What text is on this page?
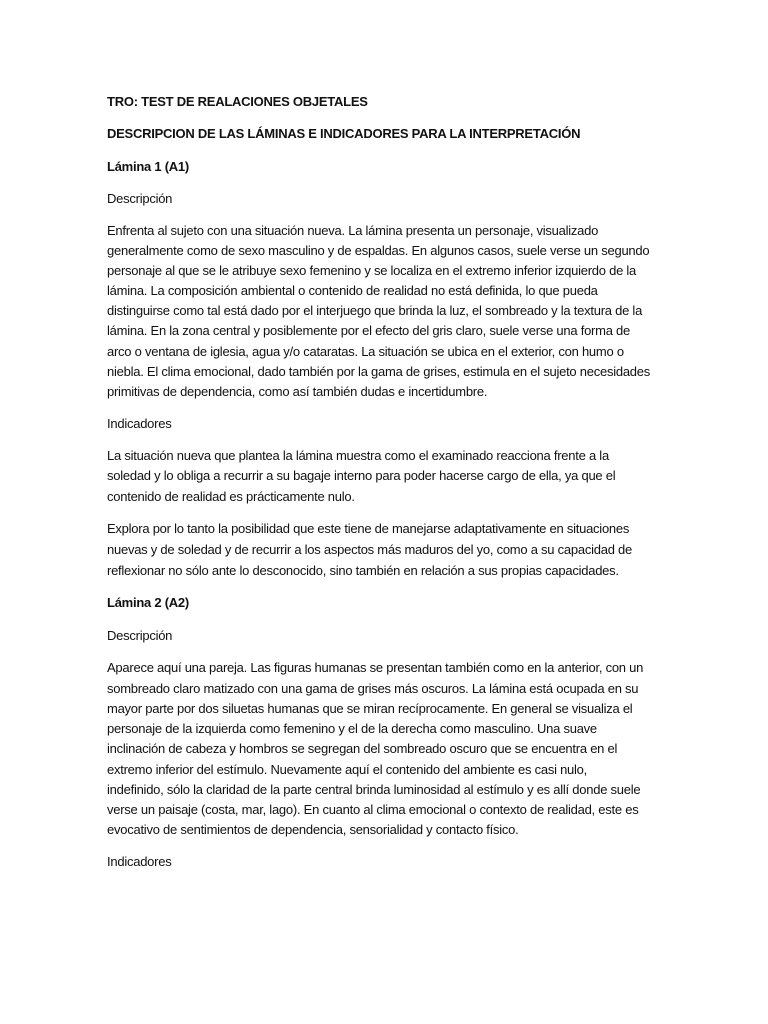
TRO: TEST DE REALACIONES OBJETALES
DESCRIPCION DE LAS LÁMINAS E INDICADORES PARA LA INTERPRETACIÓN
Lámina 1 (A1)
Descripción
Enfrenta al sujeto con una situación nueva. La lámina presenta un personaje, visualizado
generalmente como de sexo masculino y de espaldas. En algunos casos, suele verse un segundo
personaje al que se le atribuye sexo femenino y se localiza en el extremo inferior izquierdo de la
lámina. La composición ambiental o contenido de realidad no está definida, lo que pueda
distinguirse como tal está dado por el interjuego que brinda la luz, el sombreado y la textura de la
lámina. En la zona central y posiblemente por el efecto del gris claro, suele verse una forma de
arco o ventana de iglesia, agua y/o cataratas. La situación se ubica en el exterior, con humo o
niebla. El clima emocional, dado también por la gama de grises, estimula en el sujeto necesidades
primitivas de dependencia, como así también dudas e incertidumbre.
Indicadores
La situación nueva que plantea la lámina muestra como el examinado reacciona frente a la
soledad y lo obliga a recurrir a su bagaje interno para poder hacerse cargo de ella, ya que el
contenido de realidad es prácticamente nulo.
Explora por lo tanto la posibilidad que este tiene de manejarse adaptativamente en situaciones
nuevas y de soledad y de recurrir a los aspectos más maduros del yo, como a su capacidad de
reflexionar no sólo ante lo desconocido, sino también en relación a sus propias capacidades.
Lámina 2 (A2)
Descripción
Aparece aquí una pareja. Las figuras humanas se presentan también como en la anterior, con un
sombreado claro matizado con una gama de grises más oscuros. La lámina está ocupada en su
mayor parte por dos siluetas humanas que se miran recíprocamente. En general se visualiza el
personaje de la izquierda como femenino y el de la derecha como masculino. Una suave
inclinación de cabeza y hombros se segregan del sombreado oscuro que se encuentra en el
extremo inferior del estímulo. Nuevamente aquí el contenido del ambiente es casi nulo,
indefinido, sólo la claridad de la parte central brinda luminosidad al estímulo y es allí donde suele
verse un paisaje (costa, mar, lago). En cuanto al clima emocional o contexto de realidad, este es
evocativo de sentimientos de dependencia, sensorialidad y contacto físico.
Indicadores
